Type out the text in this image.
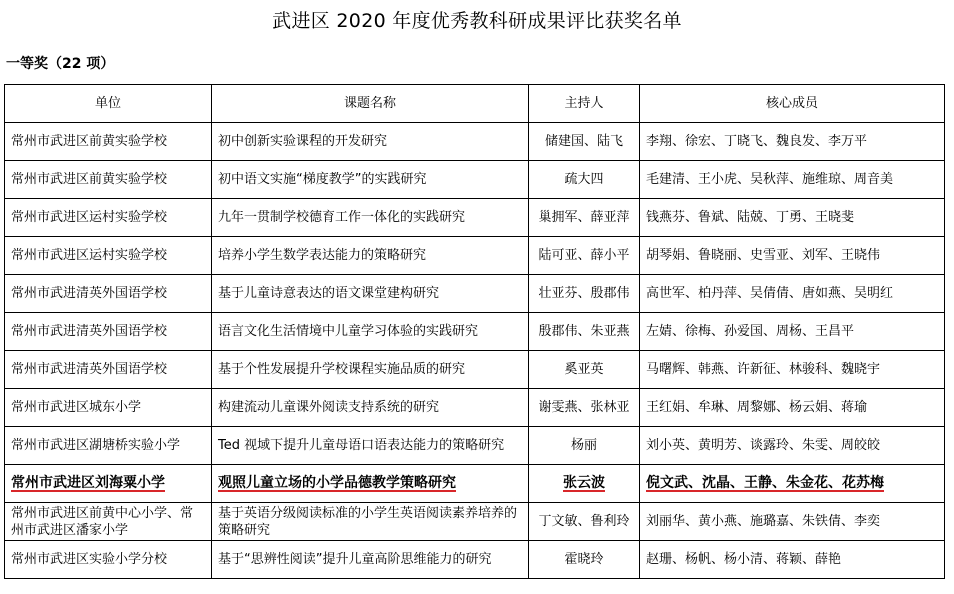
武进区 2020 年度优秀教科研成果评比获奖名单
一等奖（22 项）
单位	课题名称	主持人	核心成员
常州市武进区前黄实验学校	初中创新实验课程的开发研究	储建国、陆飞	李翔、徐宏、丁晓飞、魏良发、李万平
常州市武进区前黄实验学校	初中语文实施“梯度教学”的实践研究	疏大四	毛建清、王小虎、吴秋萍、施维琼、周音美
常州市武进区运村实验学校	九年一贯制学校德育工作一体化的实践研究	巢拥军、薛亚萍	钱燕芬、鲁斌、陆兢、丁勇、王晓斐
常州市武进区运村实验学校	培养小学生数学表达能力的策略研究	陆可亚、薛小平	胡琴娟、鲁晓丽、史雪亚、刘军、王晓伟
常州市武进清英外国语学校	基于儿童诗意表达的语文课堂建构研究	壮亚芬、殷郡伟	高世军、柏丹萍、吴倩倩、唐如燕、吴明红
常州市武进清英外国语学校	语言文化生活情境中儿童学习体验的实践研究	殷郡伟、朱亚燕	左婧、徐梅、孙爱国、周杨、王昌平
常州市武进清英外国语学校	基于个性发展提升学校课程实施品质的研究	奚亚英	马曙辉、韩燕、许新征、林骏科、魏晓宇
常州市武进区城东小学	构建流动儿童课外阅读支持系统的研究	谢雯燕、张林亚	王红娟、牟琳、周黎娜、杨云娟、蒋瑜
常州市武进区湖塘桥实验小学	Ted 视域下提升儿童母语口语表达能力的策略研究	杨丽	刘小英、黄明芳、谈露玲、朱雯、周皎皎
常州市武进区刘海粟小学	观照儿童立场的小学品德教学策略研究	张云波	倪文武、沈晶、王静、朱金花、花苏梅
常州市武进区前黄中心小学、常州市武进区潘家小学	基于英语分级阅读标准的小学生英语阅读素养培养的策略研究	丁文敏、鲁利玲	刘丽华、黄小燕、施璐嘉、朱铁倩、李奕
常州市武进区实验小学分校	基于“思辨性阅读”提升儿童高阶思维能力的研究	霍晓玲	赵珊、杨帆、杨小清、蒋颖、薛艳
